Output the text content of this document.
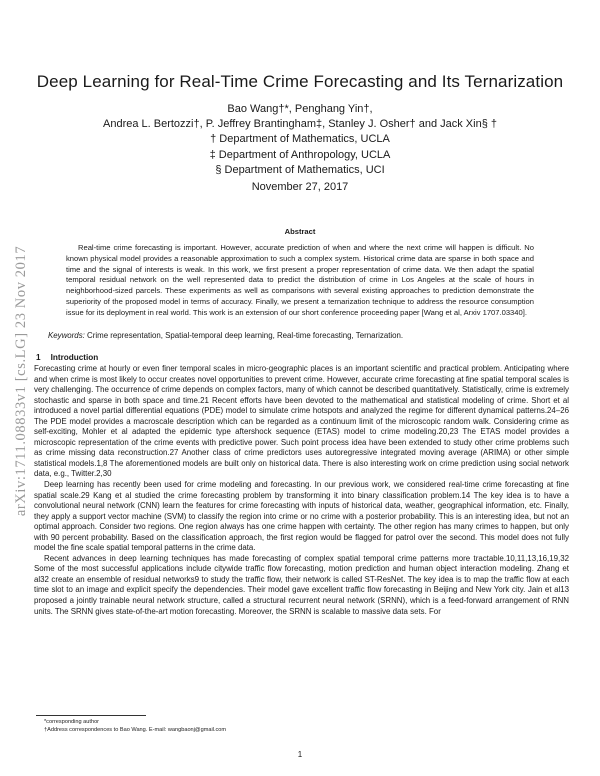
arXiv:1711.08833v1 [cs.LG] 23 Nov 2017
Deep Learning for Real-Time Crime Forecasting and Its Ternarization
Bao Wang†*, Penghang Yin†,
Andrea L. Bertozzi†, P. Jeffrey Brantingham‡, Stanley J. Osher† and Jack Xin§ †
† Department of Mathematics, UCLA
‡ Department of Anthropology, UCLA
§ Department of Mathematics, UCI
November 27, 2017
Abstract

Real-time crime forecasting is important. However, accurate prediction of when and where the next crime will happen is difficult. No known physical model provides a reasonable approximation to such a complex system. Historical crime data are sparse in both space and time and the signal of interests is weak. In this work, we first present a proper representation of crime data. We then adapt the spatial temporal residual network on the well represented data to predict the distribution of crime in Los Angeles at the scale of hours in neighborhood-sized parcels. These experiments as well as comparisons with several existing approaches to prediction demonstrate the superiority of the proposed model in terms of accuracy. Finally, we present a ternarization technique to address the resource consumption issue for its deployment in real world. This work is an extension of our short conference proceeding paper [Wang et al, Arxiv 1707.03340].

Keywords: Crime representation, Spatial-temporal deep learning, Real-time forecasting, Ternarization.
1 Introduction

Forecasting crime at hourly or even finer temporal scales in micro-geographic places is an important scientific and practical problem. Anticipating where and when crime is most likely to occur creates novel opportunities to prevent crime. However, accurate crime forecasting at fine spatial temporal scales is very challenging. The occurrence of crime depends on complex factors, many of which cannot be described quantitatively. Statistically, crime is extremely stochastic and sparse in both space and time.21 Recent efforts have been devoted to the mathematical and statistical modeling of crime. Short et al introduced a novel partial differential equations (PDE) model to simulate crime hotspots and analyzed the regime for different dynamical patterns.24–26 The PDE model provides a macroscale description which can be regarded as a continuum limit of the microscopic random walk. Considering crime as self-exciting, Mohler et al adapted the epidemic type aftershock sequence (ETAS) model to crime modeling.20,23 The ETAS model provides a microscopic representation of the crime events with predictive power. Such point process idea have been extended to study other crime problems such as crime missing data reconstruction.27 Another class of crime predictors uses autoregressive integrated moving average (ARIMA) or other simple statistical models.1,8 The aforementioned models are built only on historical data. There is also interesting work on crime prediction using social network data, e.g., Twitter.2,30

Deep learning has recently been used for crime modeling and forecasting. In our previous work, we considered real-time crime forecasting at fine spatial scale.29 Kang et al studied the crime forecasting problem by transforming it into binary classification problem.14 The key idea is to have a convolutional neural network (CNN) learn the features for crime forecasting with inputs of historical data, weather, geographical information, etc. Finally, they apply a support vector machine (SVM) to classify the region into crime or no crime with a posterior probability. This is an interesting idea, but not an optimal approach. Consider two regions. One region always has one crime happen with certainty. The other region has many crimes to happen, but only with 90 percent probability. Based on the classification approach, the first region would be flagged for patrol over the second. This model does not fully model the fine scale spatial temporal patterns in the crime data.

Recent advances in deep learning techniques has made forecasting of complex spatial temporal crime patterns more tractable.10,11,13,16,19,32 Some of the most successful applications include citywide traffic flow forecasting, motion prediction and human object interaction modeling. Zhang et al32 create an ensemble of residual networks9 to study the traffic flow, their network is called ST-ResNet. The key idea is to map the traffic flow at each time slot to an image and explicit specify the dependencies. Their model gave excellent traffic flow forecasting in Beijing and New York city. Jain et al13 proposed a jointly trainable neural network structure, called a structural recurrent neural network (SRNN), which is a feed-forward arrangement of RNN units. The SRNN gives state-of-the-art motion forecasting. Moreover, the SRNN is scalable to massive data sets. For

*corresponding author
†Address correspondences to Bao Wang. E-mail: wangbaonj@gmail.com
1
